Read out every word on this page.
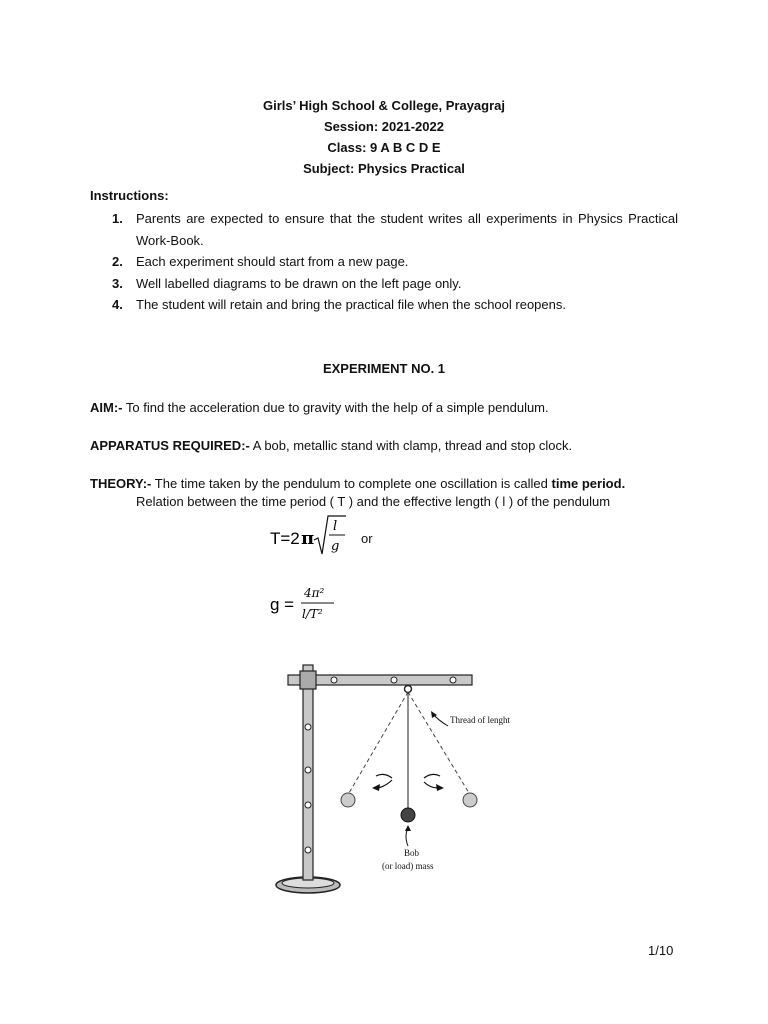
Girls’ High School & College, Prayagraj
Session: 2021-2022
Class: 9 A B C D E
Subject: Physics Practical
Instructions:
1. Parents are expected to ensure that the student writes all experiments in Physics Practical Work-Book.
2. Each experiment should start from a new page.
3. Well labelled diagrams to be drawn on the left page only.
4. The student will retain and bring the practical file when the school reopens.
EXPERIMENT NO. 1
AIM:- To find the acceleration due to gravity with the help of a simple pendulum.
APPARATUS REQUIRED:- A bob, metallic stand with clamp, thread and stop clock.
THEORY:- The time taken by the pendulum to complete one oscillation is called time period.
Relation between the time period ( T ) and the effective length ( l ) of the pendulum
T=2 π
l
g
or
g =
4π²
l/T²
Thread of lenght
Bob
(or load) mass
1/10
